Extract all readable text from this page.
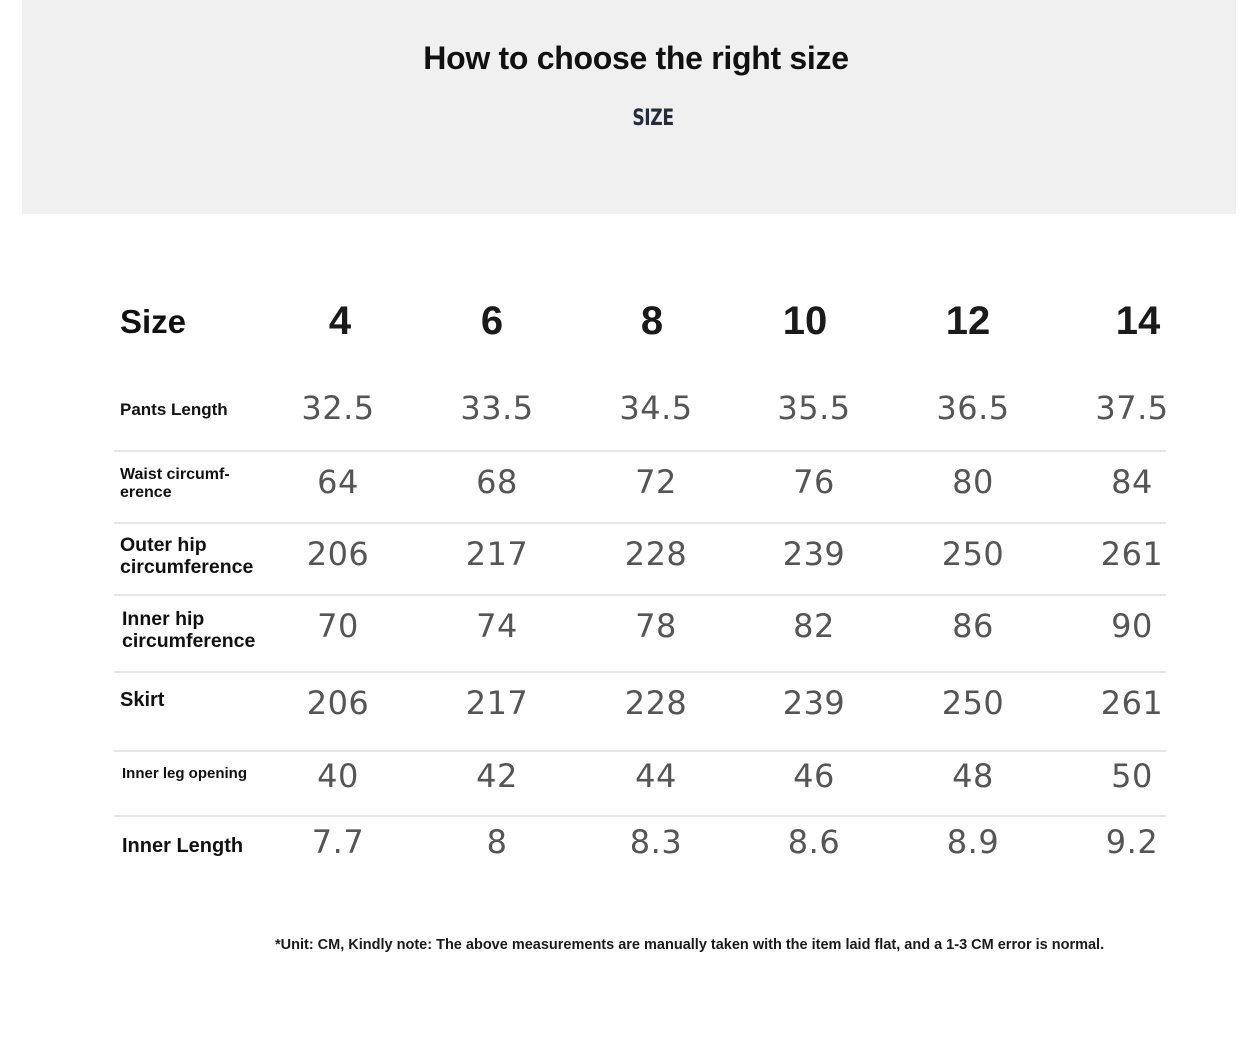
How to choose the right size
SIZE
Size	4	6	8	10	12	14
Pants Length	32.5	33.5	34.5	35.5	36.5	37.5
Waist circumf-
erence	64	68	72	76	80	84
Outer hip
circumference	206	217	228	239	250	261
Inner hip
circumference	70	74	78	82	86	90
Skirt	206	217	228	239	250	261
Inner leg opening	40	42	44	46	48	50
Inner Length	7.7	8	8.3	8.6	8.9	9.2
*Unit: CM, Kindly note: The above measurements are manually taken with the item laid flat, and a 1-3 CM error is normal.
